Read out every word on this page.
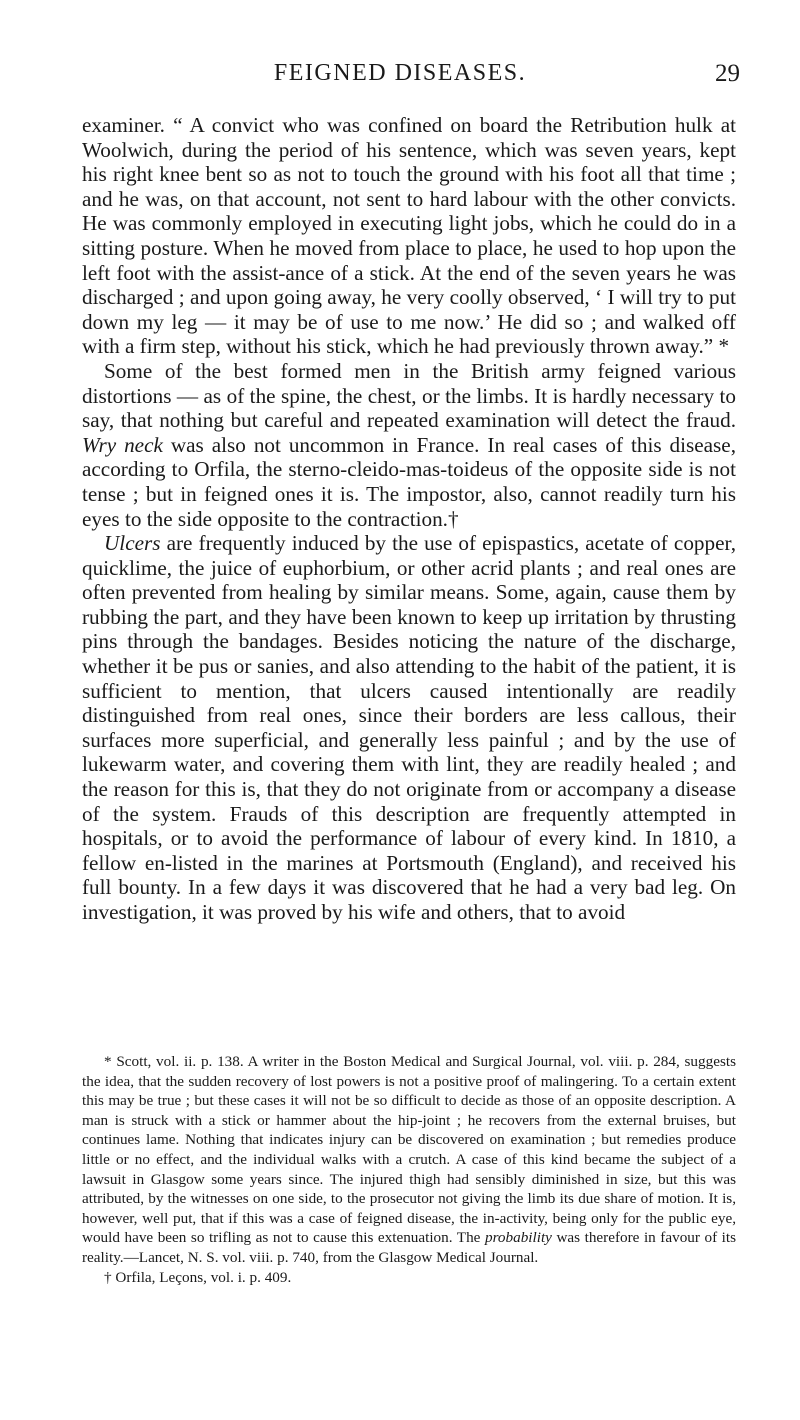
FEIGNED DISEASES.	29

examiner. “ A convict who was confined on board the Retribution hulk at Woolwich, during the period of his sentence, which was seven years, kept his right knee bent so as not to touch the ground with his foot all that time ; and he was, on that account, not sent to hard labour with the other convicts. He was commonly employed in executing light jobs, which he could do in a sitting posture. When he moved from place to place, he used to hop upon the left foot with the assist-ance of a stick. At the end of the seven years he was discharged ; and upon going away, he very coolly observed, ‘ I will try to put down my leg — it may be of use to me now.’ He did so ; and walked off with a firm step, without his stick, which he had previously thrown away.” *

Some of the best formed men in the British army feigned various distortions — as of the spine, the chest, or the limbs. It is hardly necessary to say, that nothing but careful and repeated examination will detect the fraud. Wry neck was also not uncommon in France. In real cases of this disease, according to Orfila, the sterno-cleido-mas-toideus of the opposite side is not tense ; but in feigned ones it is. The impostor, also, cannot readily turn his eyes to the side opposite to the contraction.†

Ulcers are frequently induced by the use of epispastics, acetate of copper, quicklime, the juice of euphorbium, or other acrid plants ; and real ones are often prevented from healing by similar means. Some, again, cause them by rubbing the part, and they have been known to keep up irritation by thrusting pins through the bandages. Besides noticing the nature of the discharge, whether it be pus or sanies, and also attending to the habit of the patient, it is sufficient to mention, that ulcers caused intentionally are readily distinguished from real ones, since their borders are less callous, their surfaces more superficial, and generally less painful ; and by the use of lukewarm water, and covering them with lint, they are readily healed ; and the reason for this is, that they do not originate from or accompany a disease of the system. Frauds of this description are frequently attempted in hospitals, or to avoid the performance of labour of every kind. In 1810, a fellow en-listed in the marines at Portsmouth (England), and received his full bounty. In a few days it was discovered that he had a very bad leg. On investigation, it was proved by his wife and others, that to avoid

* Scott, vol. ii. p. 138. A writer in the Boston Medical and Surgical Journal, vol. viii. p. 284, suggests the idea, that the sudden recovery of lost powers is not a positive proof of malingering. To a certain extent this may be true ; but these cases it will not be so difficult to decide as those of an opposite description. A man is struck with a stick or hammer about the hip-joint ; he recovers from the external bruises, but continues lame. Nothing that indicates injury can be discovered on examination ; but remedies produce little or no effect, and the individual walks with a crutch. A case of this kind became the subject of a lawsuit in Glasgow some years since. The injured thigh had sensibly diminished in size, but this was attributed, by the witnesses on one side, to the prosecutor not giving the limb its due share of motion. It is, however, well put, that if this was a case of feigned disease, the in-activity, being only for the public eye, would have been so trifling as not to cause this extenuation. The probability was therefore in favour of its reality.—Lancet, N. S. vol. viii. p. 740, from the Glasgow Medical Journal.

† Orfila, Leçons, vol. i. p. 409.
